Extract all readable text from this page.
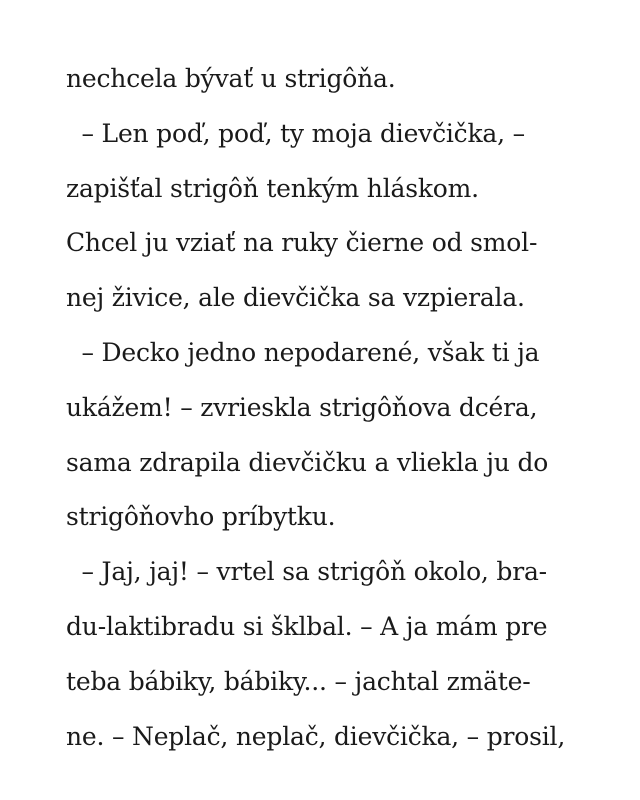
nechcela bývať u strigôňa.
– Len poď, poď, ty moja dievčička, –
zapišťal strigôň tenkým hláskom.
Chcel ju vziať na ruky čierne od smol-
nej živice, ale dievčička sa vzpierala.
– Decko jedno nepodarené, však ti ja
ukážem! – zvrieskla strigôňova dcéra,
sama zdrapila dievčičku a vliekla ju do
strigôňovho príbytku.
– Jaj, jaj! – vrtel sa strigôň okolo, bra-
du-laktibradu si šklbal. – A ja mám pre
teba bábiky, bábiky... – jachtal zmäte-
ne. – Neplač, neplač, dievčička, – prosil,
